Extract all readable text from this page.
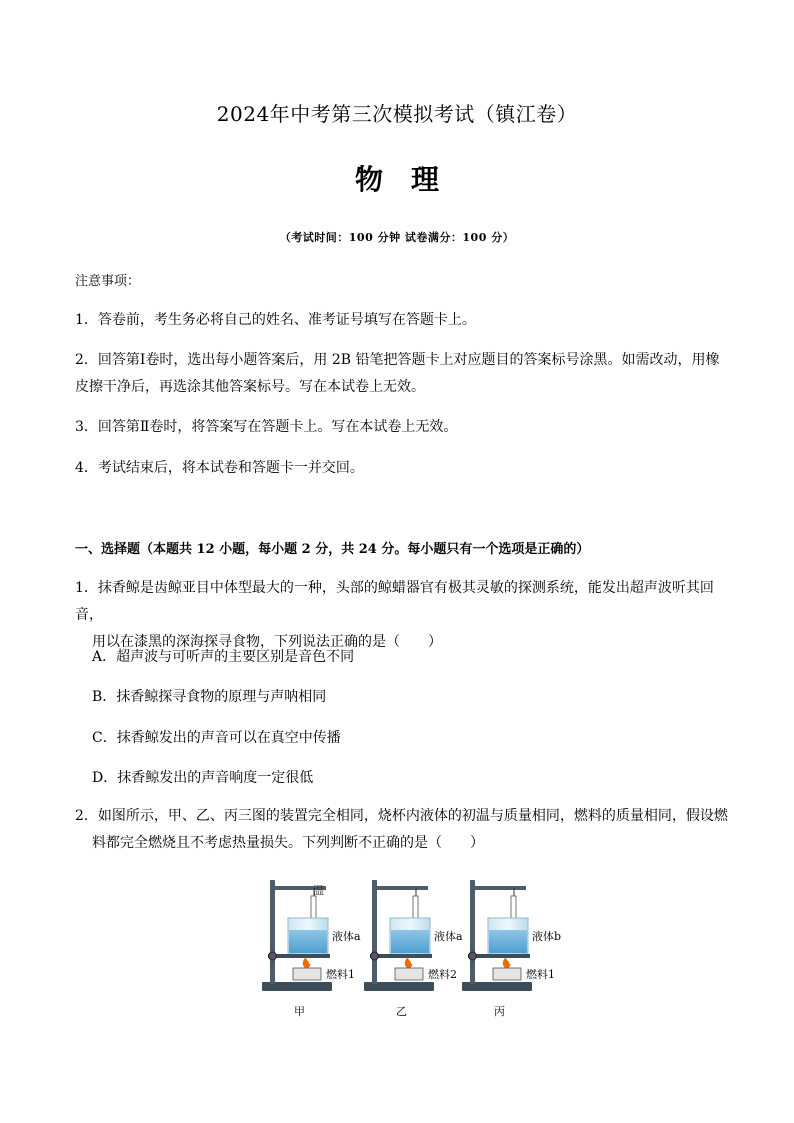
2024年中考第三次模拟考试（镇江卷）
物 理
（考试时间：100 分钟 试卷满分：100 分）
注意事项：
1．答卷前，考生务必将自己的姓名、准考证号填写在答题卡上。
2．回答第Ⅰ卷时，选出每小题答案后，用 2B 铅笔把答题卡上对应题目的答案标号涂黑。如需改动，用橡皮擦干净后，再选涂其他答案标号。写在本试卷上无效。
3．回答第Ⅱ卷时，将答案写在答题卡上。写在本试卷上无效。
4．考试结束后，将本试卷和答题卡一并交回。
一、选择题（本题共 12 小题，每小题 2 分，共 24 分。每小题只有一个选项是正确的）
1．抹香鲸是齿鲸亚目中体型最大的一种，头部的鲸蜡器官有极其灵敏的探测系统，能发出超声波听其回音，
用以在漆黑的深海探寻食物，下列说法正确的是（　　）
A．超声波与可听声的主要区别是音色不同
B．抹香鲸探寻食物的原理与声呐相同
C．抹香鲸发出的声音可以在真空中传播
D．抹香鲸发出的声音响度一定很低
2．如图所示，甲、乙、丙三图的装置完全相同，烧杯内液体的初温与质量相同，燃料的质量相同，假设燃
料都完全燃烧且不考虑热量损失。下列判断不正确的是（　　）
温
液体a
燃料1
甲
液体a
燃料2
乙
液体b
燃料1
丙
